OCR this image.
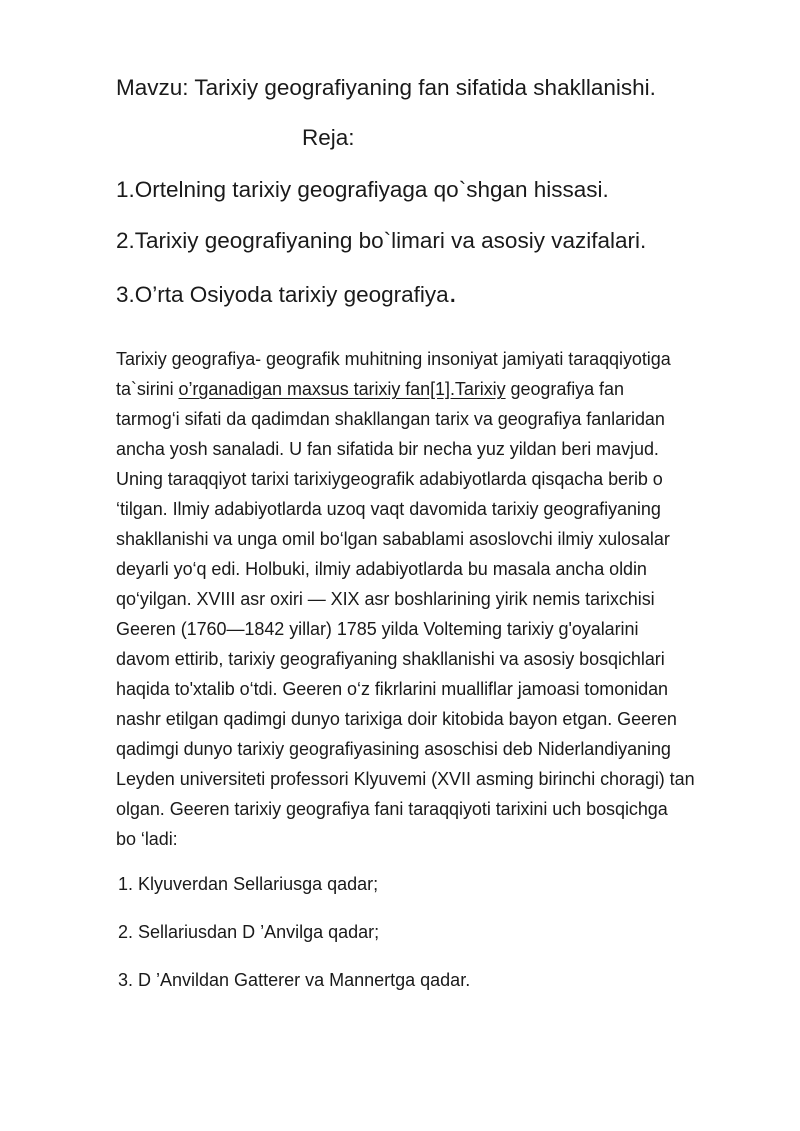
Mavzu: Tarixiy geografiyaning fan sifatida shakllanishi.
Reja:
1.Ortelning tarixiy geografiyaga qo`shgan hissasi.
2.Tarixiy geografiyaning bo`limari va asosiy vazifalari.
3.O’rta Osiyoda tarixiy geografiya.

Tarixiy geografiya- geografik muhitning insoniyat jamiyati taraqqiyotiga
ta`sirini o’rganadigan maxsus tarixiy fan[1].Tarixiy geografiya fan
tarmog‘i sifati da qadimdan shakllangan tarix va geografiya fanlaridan
ancha yosh sanaladi. U fan sifatida bir necha yuz yildan beri mavjud.
Uning taraqqiyot tarixi tarixiygeografik adabiyotlarda qisqacha berib o
‘tilgan. Ilmiy adabiyotlarda uzoq vaqt davomida tarixiy geografiyaning
shakllanishi va unga omil bo‘lgan sabablami asoslovchi ilmiy xulosalar
deyarli yo‘q edi. Holbuki, ilmiy adabiyotlarda bu masala ancha oldin
qo‘yilgan. XVIII asr oxiri — XIX asr boshlarining yirik nemis tarixchisi
Geeren (1760—1842 yillar) 1785 yilda Volteming tarixiy g'oyalarini
davom ettirib, tarixiy geografiyaning shakllanishi va asosiy bosqichlari
haqida to'xtalib o‘tdi. Geeren o‘z fikrlarini mualliflar jamoasi tomonidan
nashr etilgan qadimgi dunyo tarixiga doir kitobida bayon etgan. Geeren
qadimgi dunyo tarixiy geografiyasining asoschisi deb Niderlandiyaning
Leyden universiteti professori Klyuvemi (XVII asming birinchi choragi) tan
olgan. Geeren tarixiy geografiya fani taraqqiyoti tarixini uch bosqichga
bo ‘ladi:

1. Klyuverdan Sellariusga qadar;
2. Sellariusdan D ’Anvilga qadar;
3. D ’Anvildan Gatterer va Mannertga qadar.
